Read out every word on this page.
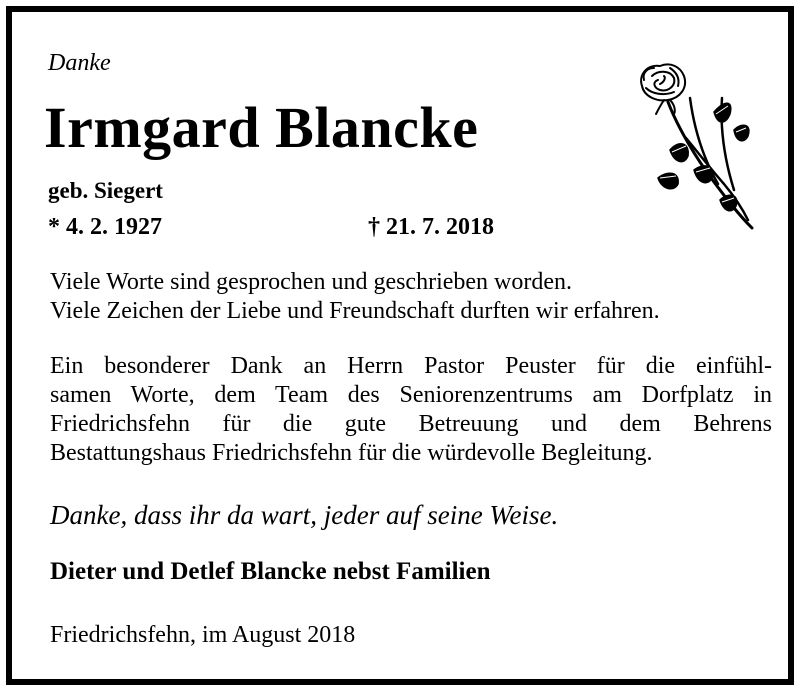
Danke
Irmgard Blancke
geb. Siegert
* 4. 2. 1927	† 21. 7. 2018
Viele Worte sind gesprochen und geschrieben worden.
Viele Zeichen der Liebe und Freundschaft durften wir erfahren.
Ein besonderer Dank an Herrn Pastor Peuster für die einfühl-
samen Worte, dem Team des Seniorenzentrums am Dorfplatz in
Friedrichsfehn für die gute Betreuung und dem Behrens
Bestattungshaus Friedrichsfehn für die würdevolle Begleitung.
Danke, dass ihr da wart, jeder auf seine Weise.
Dieter und Detlef Blancke nebst Familien
Friedrichsfehn, im August 2018
